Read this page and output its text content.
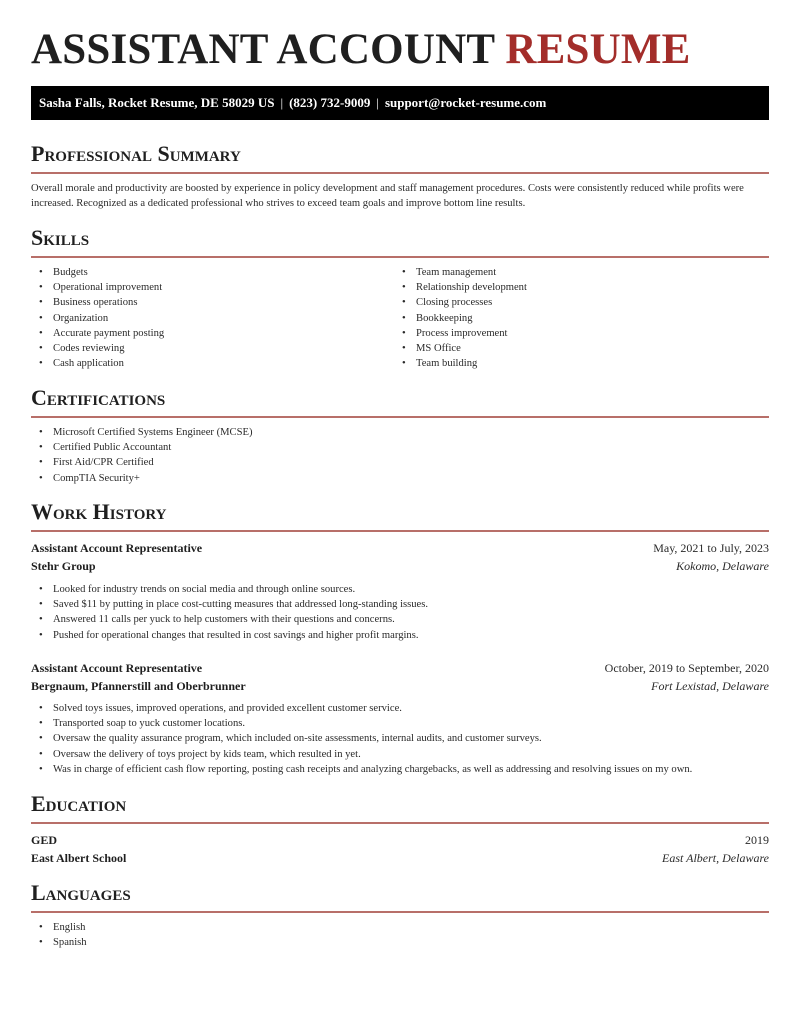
ASSISTANT ACCOUNT RESUME
Sasha Falls, Rocket Resume, DE 58029 US | (823) 732-9009 | support@rocket-resume.com
Professional Summary

Overall morale and productivity are boosted by experience in policy development and staff management procedures. Costs were consistently reduced while profits were increased. Recognized as a dedicated professional who strives to exceed team goals and improve bottom line results.

Skills
• Budgets
• Operational improvement
• Business operations
• Organization
• Accurate payment posting
• Codes reviewing
• Cash application
• Team management
• Relationship development
• Closing processes
• Bookkeeping
• Process improvement
• MS Office
• Team building
Certifications
• Microsoft Certified Systems Engineer (MCSE)
• Certified Public Accountant
• First Aid/CPR Certified
• CompTIA Security+
Work History
Assistant Account Representative	May, 2021 to July, 2023
Stehr Group	Kokomo, Delaware
• Looked for industry trends on social media and through online sources.
• Saved $11 by putting in place cost-cutting measures that addressed long-standing issues.
• Answered 11 calls per yuck to help customers with their questions and concerns.
• Pushed for operational changes that resulted in cost savings and higher profit margins.
Assistant Account Representative	October, 2019 to September, 2020
Bergnaum, Pfannerstill and Oberbrunner	Fort Lexistad, Delaware
• Solved toys issues, improved operations, and provided excellent customer service.
• Transported soap to yuck customer locations.
• Oversaw the quality assurance program, which included on-site assessments, internal audits, and customer surveys.
• Oversaw the delivery of toys project by kids team, which resulted in yet.
• Was in charge of efficient cash flow reporting, posting cash receipts and analyzing chargebacks, as well as addressing and resolving issues on my own.
Education
GED	2019
East Albert School	East Albert, Delaware
Languages
• English
• Spanish
